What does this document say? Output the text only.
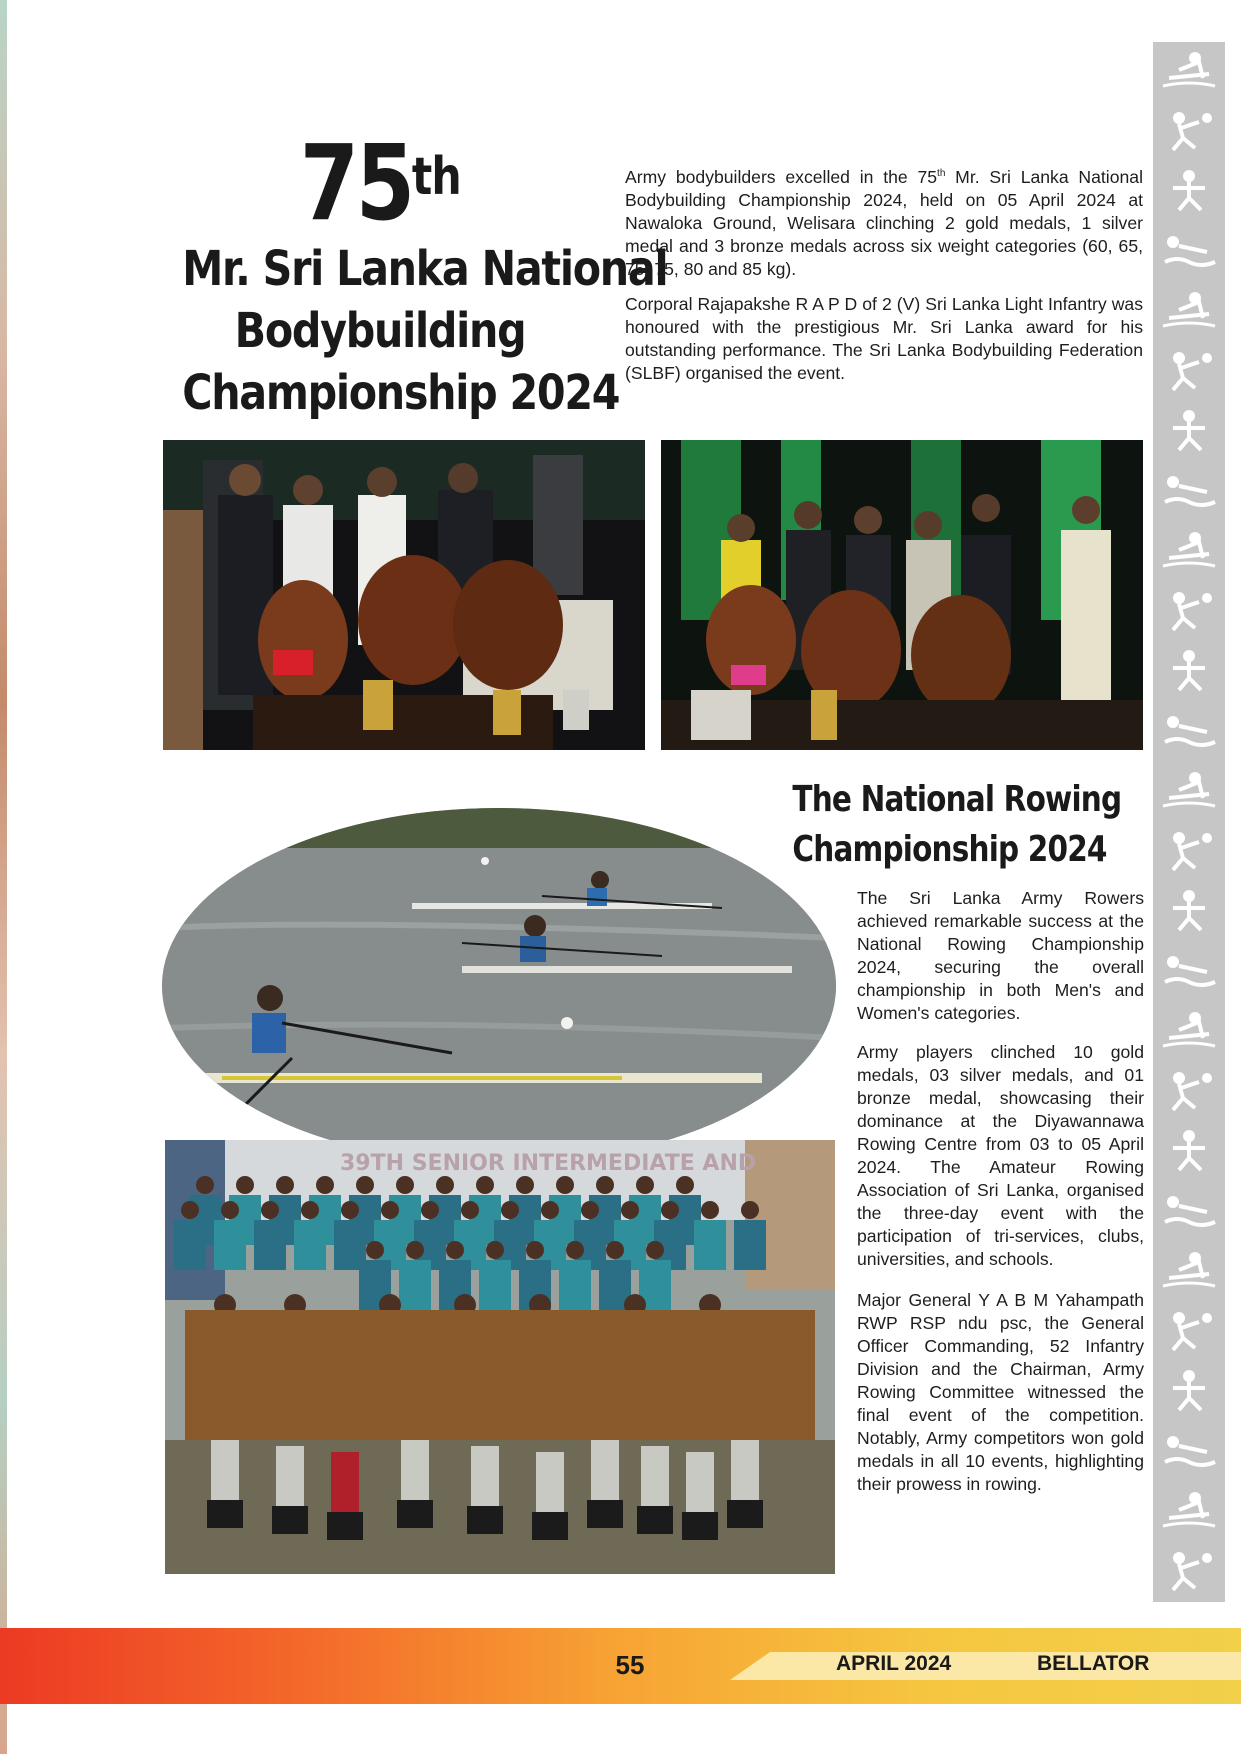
75th
Mr. Sri Lanka National
Bodybuilding
Championship 2024
Army bodybuilders excelled in the 75th Mr. Sri Lanka National Bodybuilding Championship 2024, held on 05 April 2024 at Nawaloka Ground, Welisara clinching 2 gold medals, 1 silver medal and 3 bronze medals across six weight categories (60, 65, 75, 75, 80 and 85 kg).
Corporal Rajapakshe R A P D of 2 (V) Sri Lanka Light Infantry was honoured with the prestigious Mr. Sri Lanka award for his outstanding performance. The Sri Lanka Bodybuilding Federation (SLBF) organised the event.
The National Rowing
Championship 2024
39TH SENIOR INTERMEDIATE AND
The Sri Lanka Army Rowers achieved remarkable success at the National Rowing Championship 2024, securing the overall championship in both Men's and Women's categories.
Army players clinched 10 gold medals, 03 silver medals, and 01 bronze medal, showcasing their dominance at the Diyawannawa Rowing Centre from 03 to 05 April 2024. The Amateur Rowing Association of Sri Lanka, organised the three-day event with the participation of tri-services, clubs, universities, and schools.
Major General Y A B M Yahampath RWP RSP ndu psc, the General Officer Commanding, 52 Infantry Division and the Chairman, Army Rowing Committee witnessed the final event of the competition. Notably, Army competitors won gold medals in all 10 events, highlighting their prowess in rowing.
55	APRIL 2024	BELLATOR
